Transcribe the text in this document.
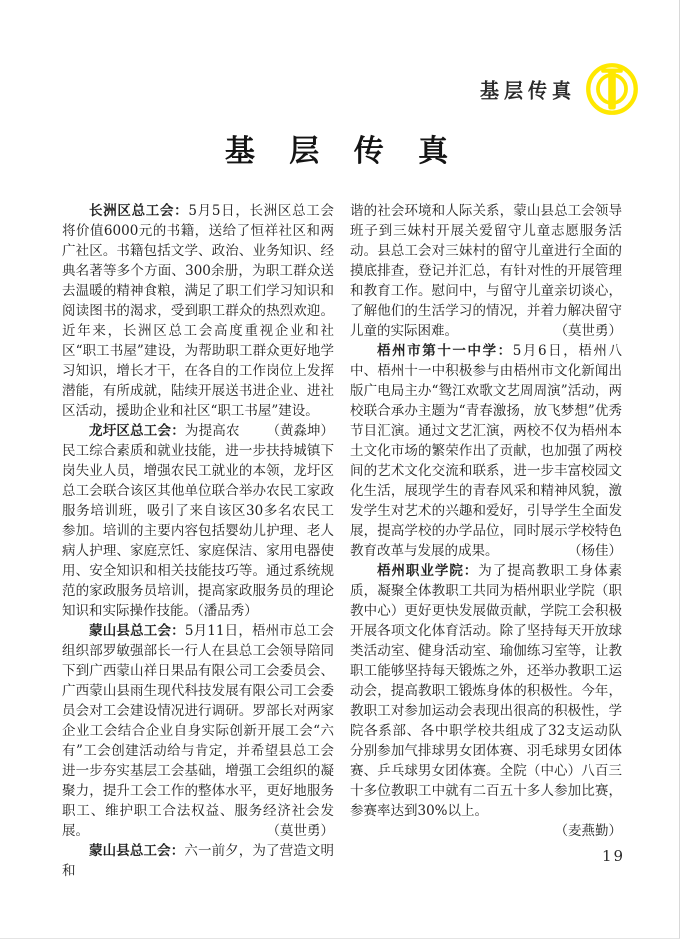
基层传真
基 层 传 真

长洲区总工会：5月5日，长洲区总工会将价值6000元的书籍，送给了恒祥社区和两广社区。书籍包括文学、政治、业务知识、经典名著等多个方面、300余册，为职工群众送去温暖的精神食粮，满足了职工们学习知识和阅读图书的渴求，受到职工群众的热烈欢迎。近年来，长洲区总工会高度重视企业和社区“职工书屋”建设，为帮助职工群众更好地学习知识，增长才干，在各自的工作岗位上发挥潜能，有所成就，陆续开展送书进企业、进社区活动，援助企业和社区“职工书屋”建设。
（黄淼坤）

龙圩区总工会：为提高农民工综合素质和就业技能，进一步扶持城镇下岗失业人员，增强农民工就业的本领，龙圩区总工会联合该区其他单位联合举办农民工家政服务培训班，吸引了来自该区30多名农民工参加。培训的主要内容包括婴幼儿护理、老人病人护理、家庭烹饪、家庭保洁、家用电器使用、安全知识和相关技能技巧等。通过系统规范的家政服务员培训，提高家政服务员的理论知识和实际操作技能。（潘品秀）

蒙山县总工会：5月11日，梧州市总工会组织部罗敏强部长一行人在县总工会领导陪同下到广西蒙山祥日果品有限公司工会委员会、广西蒙山县雨生现代科技发展有限公司工会委员会对工会建设情况进行调研。罗部长对两家企业工会结合企业自身实际创新开展工会“六有”工会创建活动给与肯定，并希望县总工会进一步夯实基层工会基础，增强工会组织的凝聚力，提升工会工作的整体水平，更好地服务职工、维护职工合法权益、服务经济社会发展。	（莫世勇）

蒙山县总工会：六一前夕，为了营造文明和

谐的社会环境和人际关系，蒙山县总工会领导班子到三妹村开展关爱留守儿童志愿服务活动。县总工会对三妹村的留守儿童进行全面的摸底排查，登记并汇总，有针对性的开展管理和教育工作。慰问中，与留守儿童亲切谈心，了解他们的生活学习的情况，并着力解决留守儿童的实际困难。	（莫世勇）

梧州市第十一中学：5月6日，梧州八中、梧州十一中积极参与由梧州市文化新闻出版广电局主办“鸳江欢歌文艺周周演”活动，两校联合承办主题为“青春激扬，放飞梦想”优秀节目汇演。通过文艺汇演，两校不仅为梧州本土文化市场的繁荣作出了贡献，也加强了两校间的艺术文化交流和联系，进一步丰富校园文化生活，展现学生的青春风采和精神风貌，激发学生对艺术的兴趣和爱好，引导学生全面发展，提高学校的办学品位，同时展示学校特色教育改革与发展的成果。	（杨佳）

梧州职业学院：为了提高教职工身体素质，凝聚全体教职工共同为梧州职业学院（职教中心）更好更快发展做贡献，学院工会积极开展各项文化体育活动。除了坚持每天开放球类活动室、健身活动室、瑜伽练习室等，让教职工能够坚持每天锻炼之外，还举办教职工运动会，提高教职工锻炼身体的积极性。今年，教职工对参加运动会表现出很高的积极性，学院各系部、各中职学校共组成了32支运动队分别参加气排球男女团体赛、羽毛球男女团体赛、乒乓球男女团体赛。全院（中心）八百三十多位教职工中就有二百五十多人参加比赛，参赛率达到30%以上。

（麦燕勤）
19
